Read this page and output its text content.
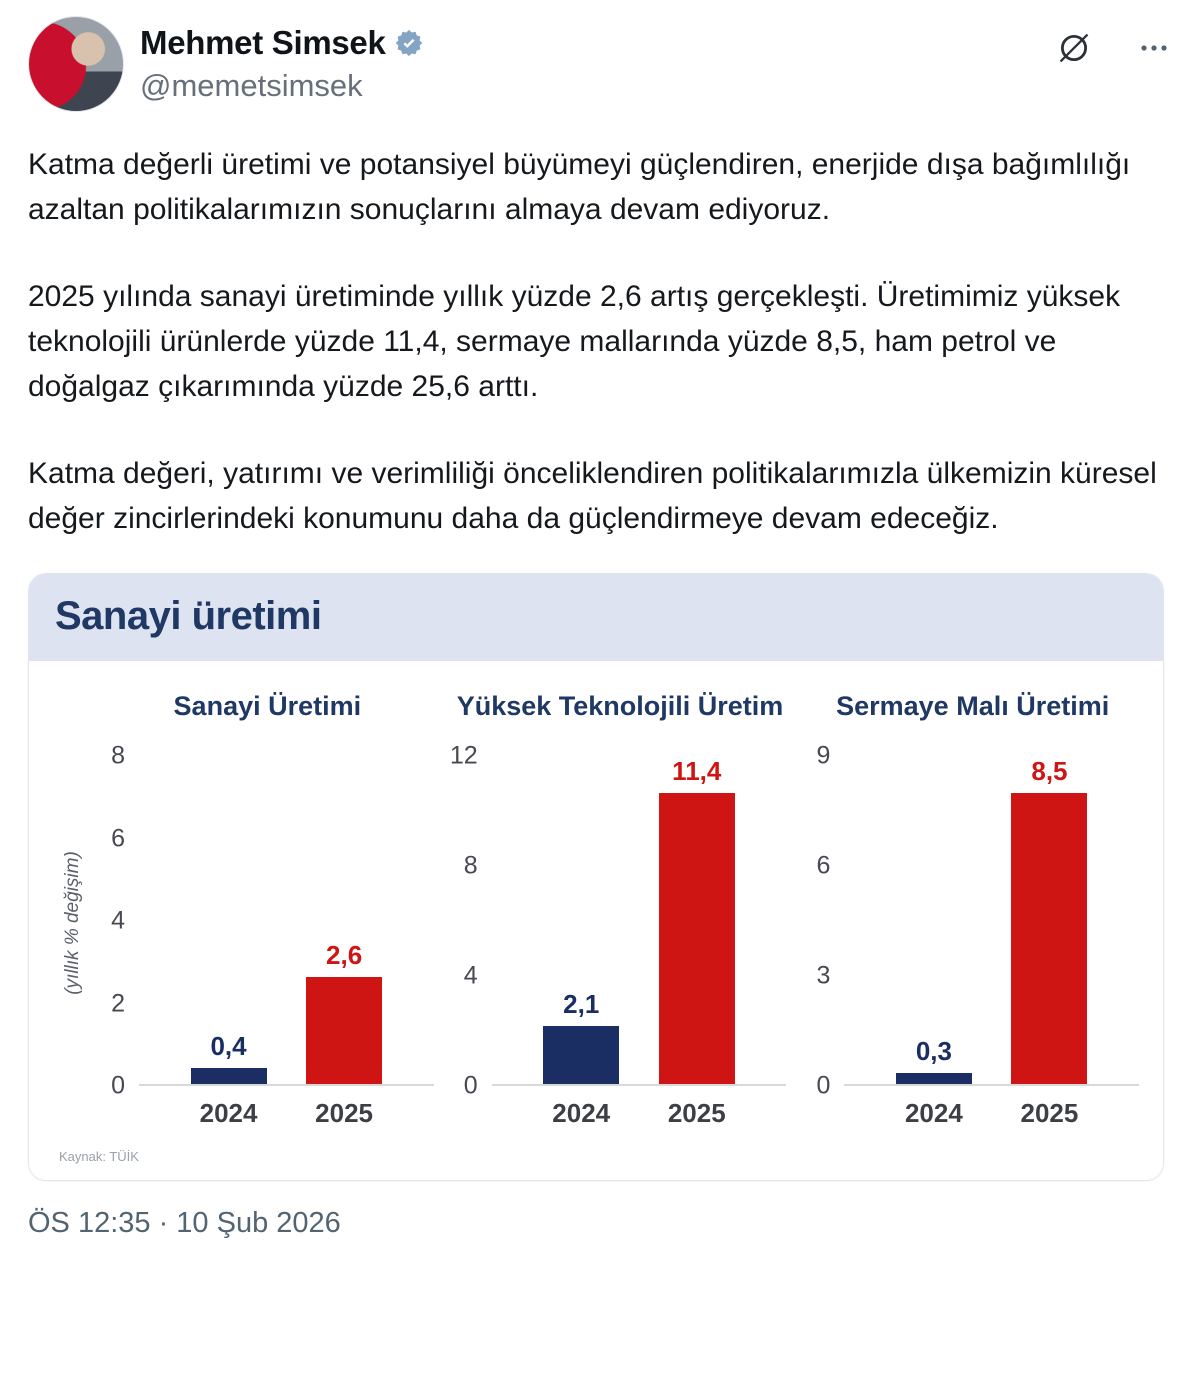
Mehmet Simsek
@memetsimsek

Katma değerli üretimi ve potansiyel büyümeyi güçlendiren, enerjide dışa bağımlılığı azaltan politikalarımızın sonuçlarını almaya devam ediyoruz.

2025 yılında sanayi üretiminde yıllık yüzde 2,6 artış gerçekleşti. Üretimimiz yüksek teknolojili ürünlerde yüzde 11,4, sermaye mallarında yüzde 8,5, ham petrol ve doğalgaz çıkarımında yüzde 25,6 arttı.

Katma değeri, yatırımı ve verimliliği önceliklendiren politikalarımızla ülkemizin küresel değer zincirlerindeki konumunu daha da güçlendirmeye devam edeceğiz.

Sanayi üretimi
(yıllık % değişim)
Sanayi Üretimi
0
2
4
6
8
0,4
2024
2,6
2025
Yüksek Teknolojili Üretim
0
4
8
12
2,1
2024
11,4
2025
Sermaye Malı Üretimi
0
3
6
9
0,3
2024
8,5
2025
Kaynak: TÜİK
ÖS 12:35 · 10 Şub 2026
